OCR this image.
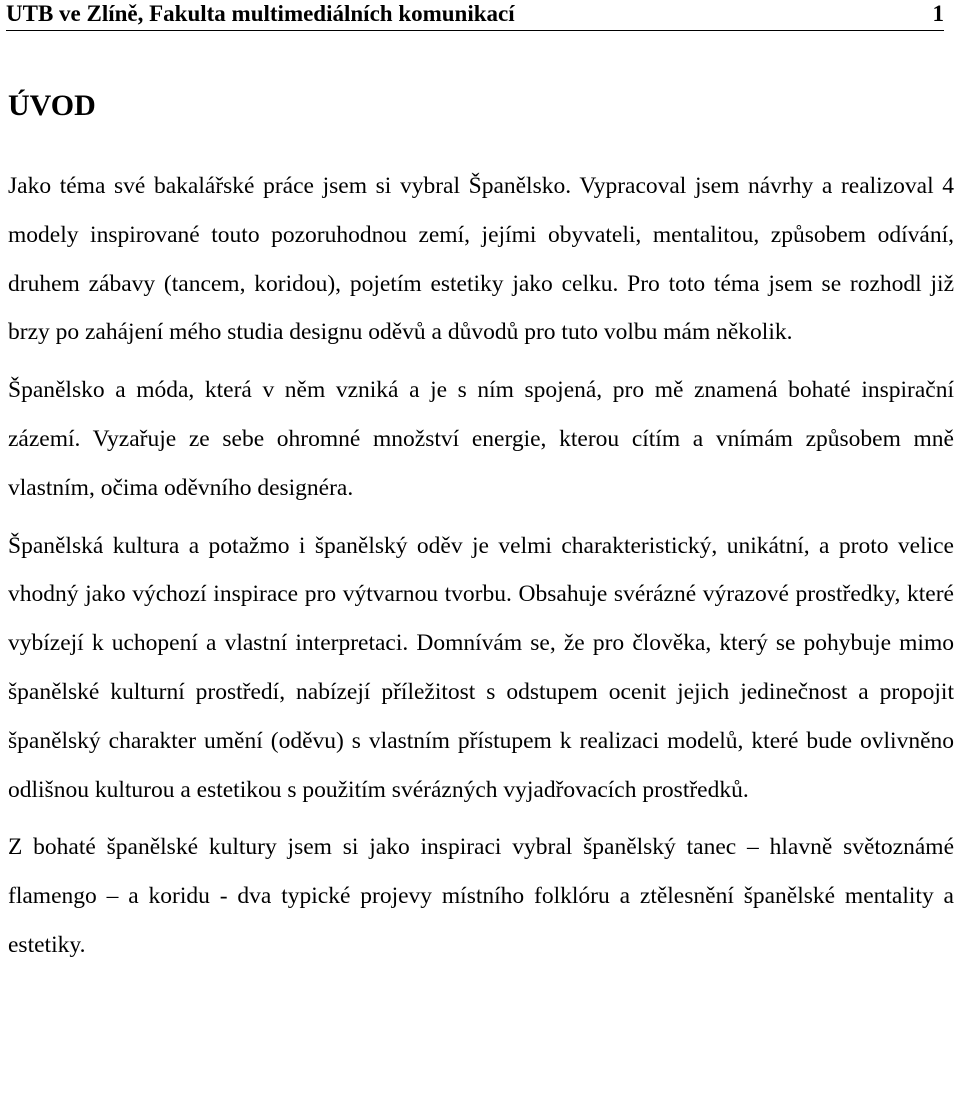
UTB ve Zlíně, Fakulta multimediálních komunikací	1
ÚVOD

Jako téma své bakalářské práce jsem si vybral Španělsko. Vypracoval jsem návrhy a realizoval 4 modely inspirované touto pozoruhodnou zemí, jejími obyvateli, mentalitou, způsobem odívání, druhem zábavy (tancem, koridou), pojetím estetiky jako celku. Pro toto téma jsem se rozhodl již brzy po zahájení mého studia designu oděvů a důvodů pro tuto volbu mám několik.

Španělsko a móda, která v něm vzniká a je s ním spojená, pro mě znamená bohaté inspirační zázemí. Vyzařuje ze sebe ohromné množství energie, kterou cítím a vnímám způsobem mně vlastním, očima oděvního designéra.

Španělská kultura a potažmo i španělský oděv je velmi charakteristický, unikátní, a proto velice vhodný jako výchozí inspirace pro výtvarnou tvorbu. Obsahuje svérázné výrazové prostředky, které vybízejí k uchopení a vlastní interpretaci. Domnívám se, že pro člověka, který se pohybuje mimo španělské kulturní prostředí, nabízejí příležitost s odstupem ocenit jejich jedinečnost a propojit španělský charakter umění (oděvu) s vlastním přístupem k realizaci modelů, které bude ovlivněno odlišnou kulturou a estetikou s použitím svérázných vyjadřovacích prostředků.

Z bohaté španělské kultury jsem si jako inspiraci vybral španělský tanec – hlavně světoznámé flamengo – a koridu - dva typické projevy místního folklóru a ztělesnění španělské mentality a estetiky.
